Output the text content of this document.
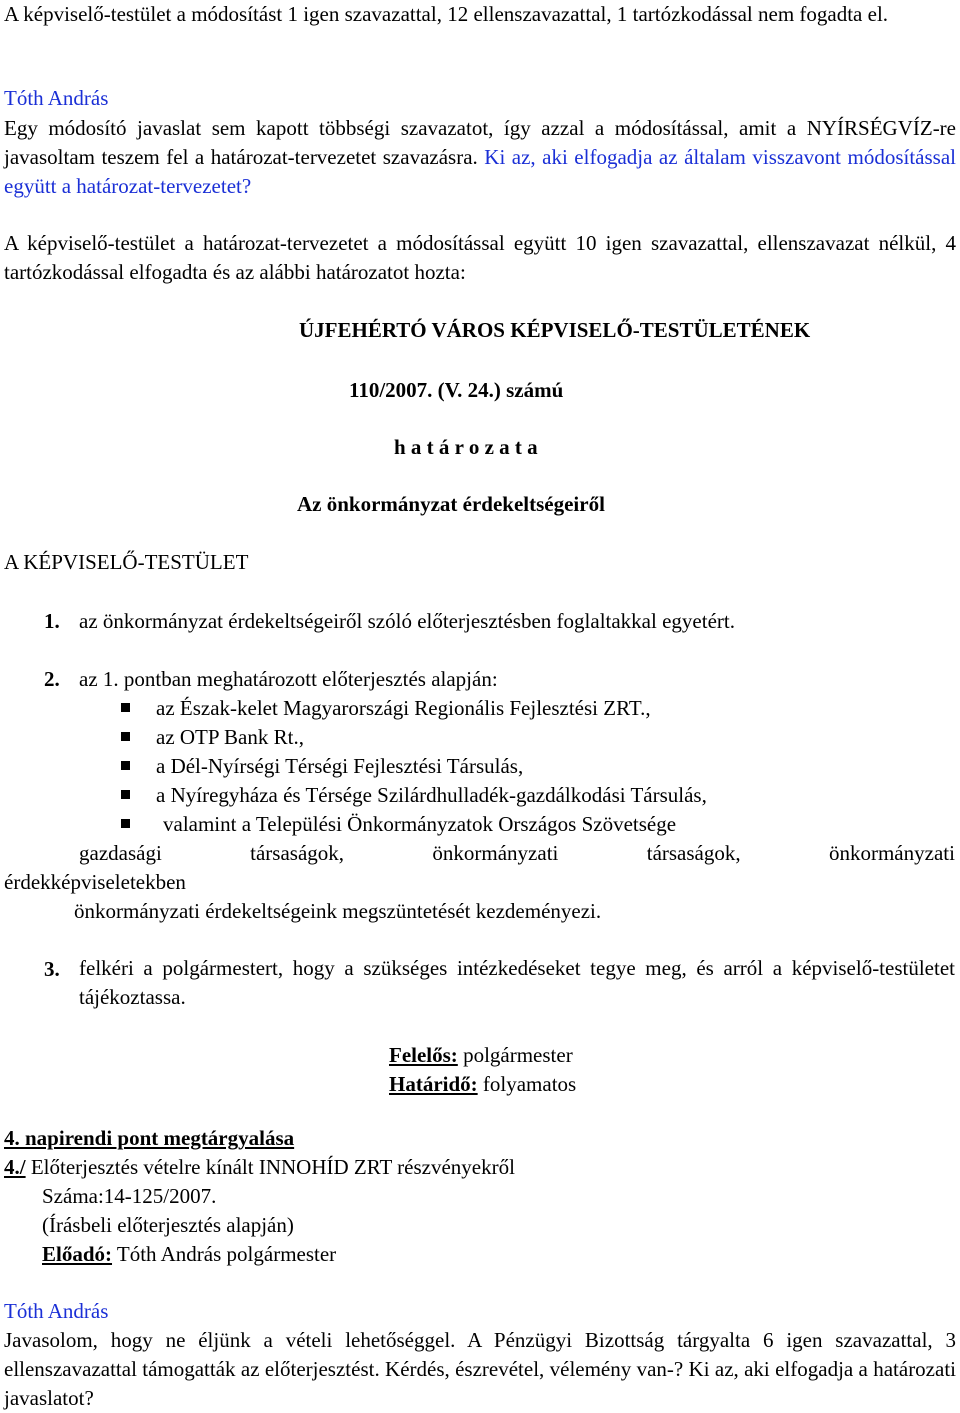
A képviselő-testület a módosítást 1 igen szavazattal, 12 ellenszavazattal, 1 tartózkodással nem fogadta el.
Tóth András
Egy módosító javaslat sem kapott többségi szavazatot, így azzal a módosítással, amit a NYÍRSÉGVÍZ-re javasoltam teszem fel a határozat-tervezetet szavazásra. Ki az, aki elfogadja az általam visszavont módosítással együtt a határozat-tervezetet?
A képviselő-testület a határozat-tervezetet a módosítással együtt 10 igen szavazattal, ellenszavazat nélkül, 4 tartózkodással elfogadta és az alábbi határozatot hozta:
ÚJFEHÉRTÓ VÁROS KÉPVISELŐ-TESTÜLETÉNEK
110/2007. (V. 24.) számú
h a t á r o z a t a
Az önkormányzat érdekeltségeiről
A KÉPVISELŐ-TESTÜLET
1. az önkormányzat érdekeltségeiről szóló előterjesztésben foglaltakkal egyetért.
2. az 1. pontban meghatározott előterjesztés alapján:
az Észak-kelet Magyarországi Regionális Fejlesztési ZRT.,
az OTP Bank Rt.,
a Dél-Nyírségi Térségi Fejlesztési Társulás,
a Nyíregyháza és Térsége Szilárdhulladék-gazdálkodási Társulás,
valamint a Települési Önkormányzatok Országos Szövetsége
gazdasági	társaságok,	önkormányzati	társaságok,	önkormányzati
érdekképviseletekben
önkormányzati érdekeltségeink megszüntetését kezdeményezi.
3. felkéri a polgármestert, hogy a szükséges intézkedéseket tegye meg, és arról a képviselő-testületet tájékoztassa.
Felelős: polgármester
Határidő: folyamatos
4. napirendi pont megtárgyalása
4./ Előterjesztés vételre kínált INNOHÍD ZRT részvényekről
Száma:14-125/2007.
(Írásbeli előterjesztés alapján)
Előadó: Tóth András polgármester
Tóth András
Javasolom, hogy ne éljünk a vételi lehetőséggel. A Pénzügyi Bizottság tárgyalta 6 igen szavazattal, 3 ellenszavazattal támogatták az előterjesztést. Kérdés, észrevétel, vélemény van-? Ki az, aki elfogadja a határozati javaslatot?
